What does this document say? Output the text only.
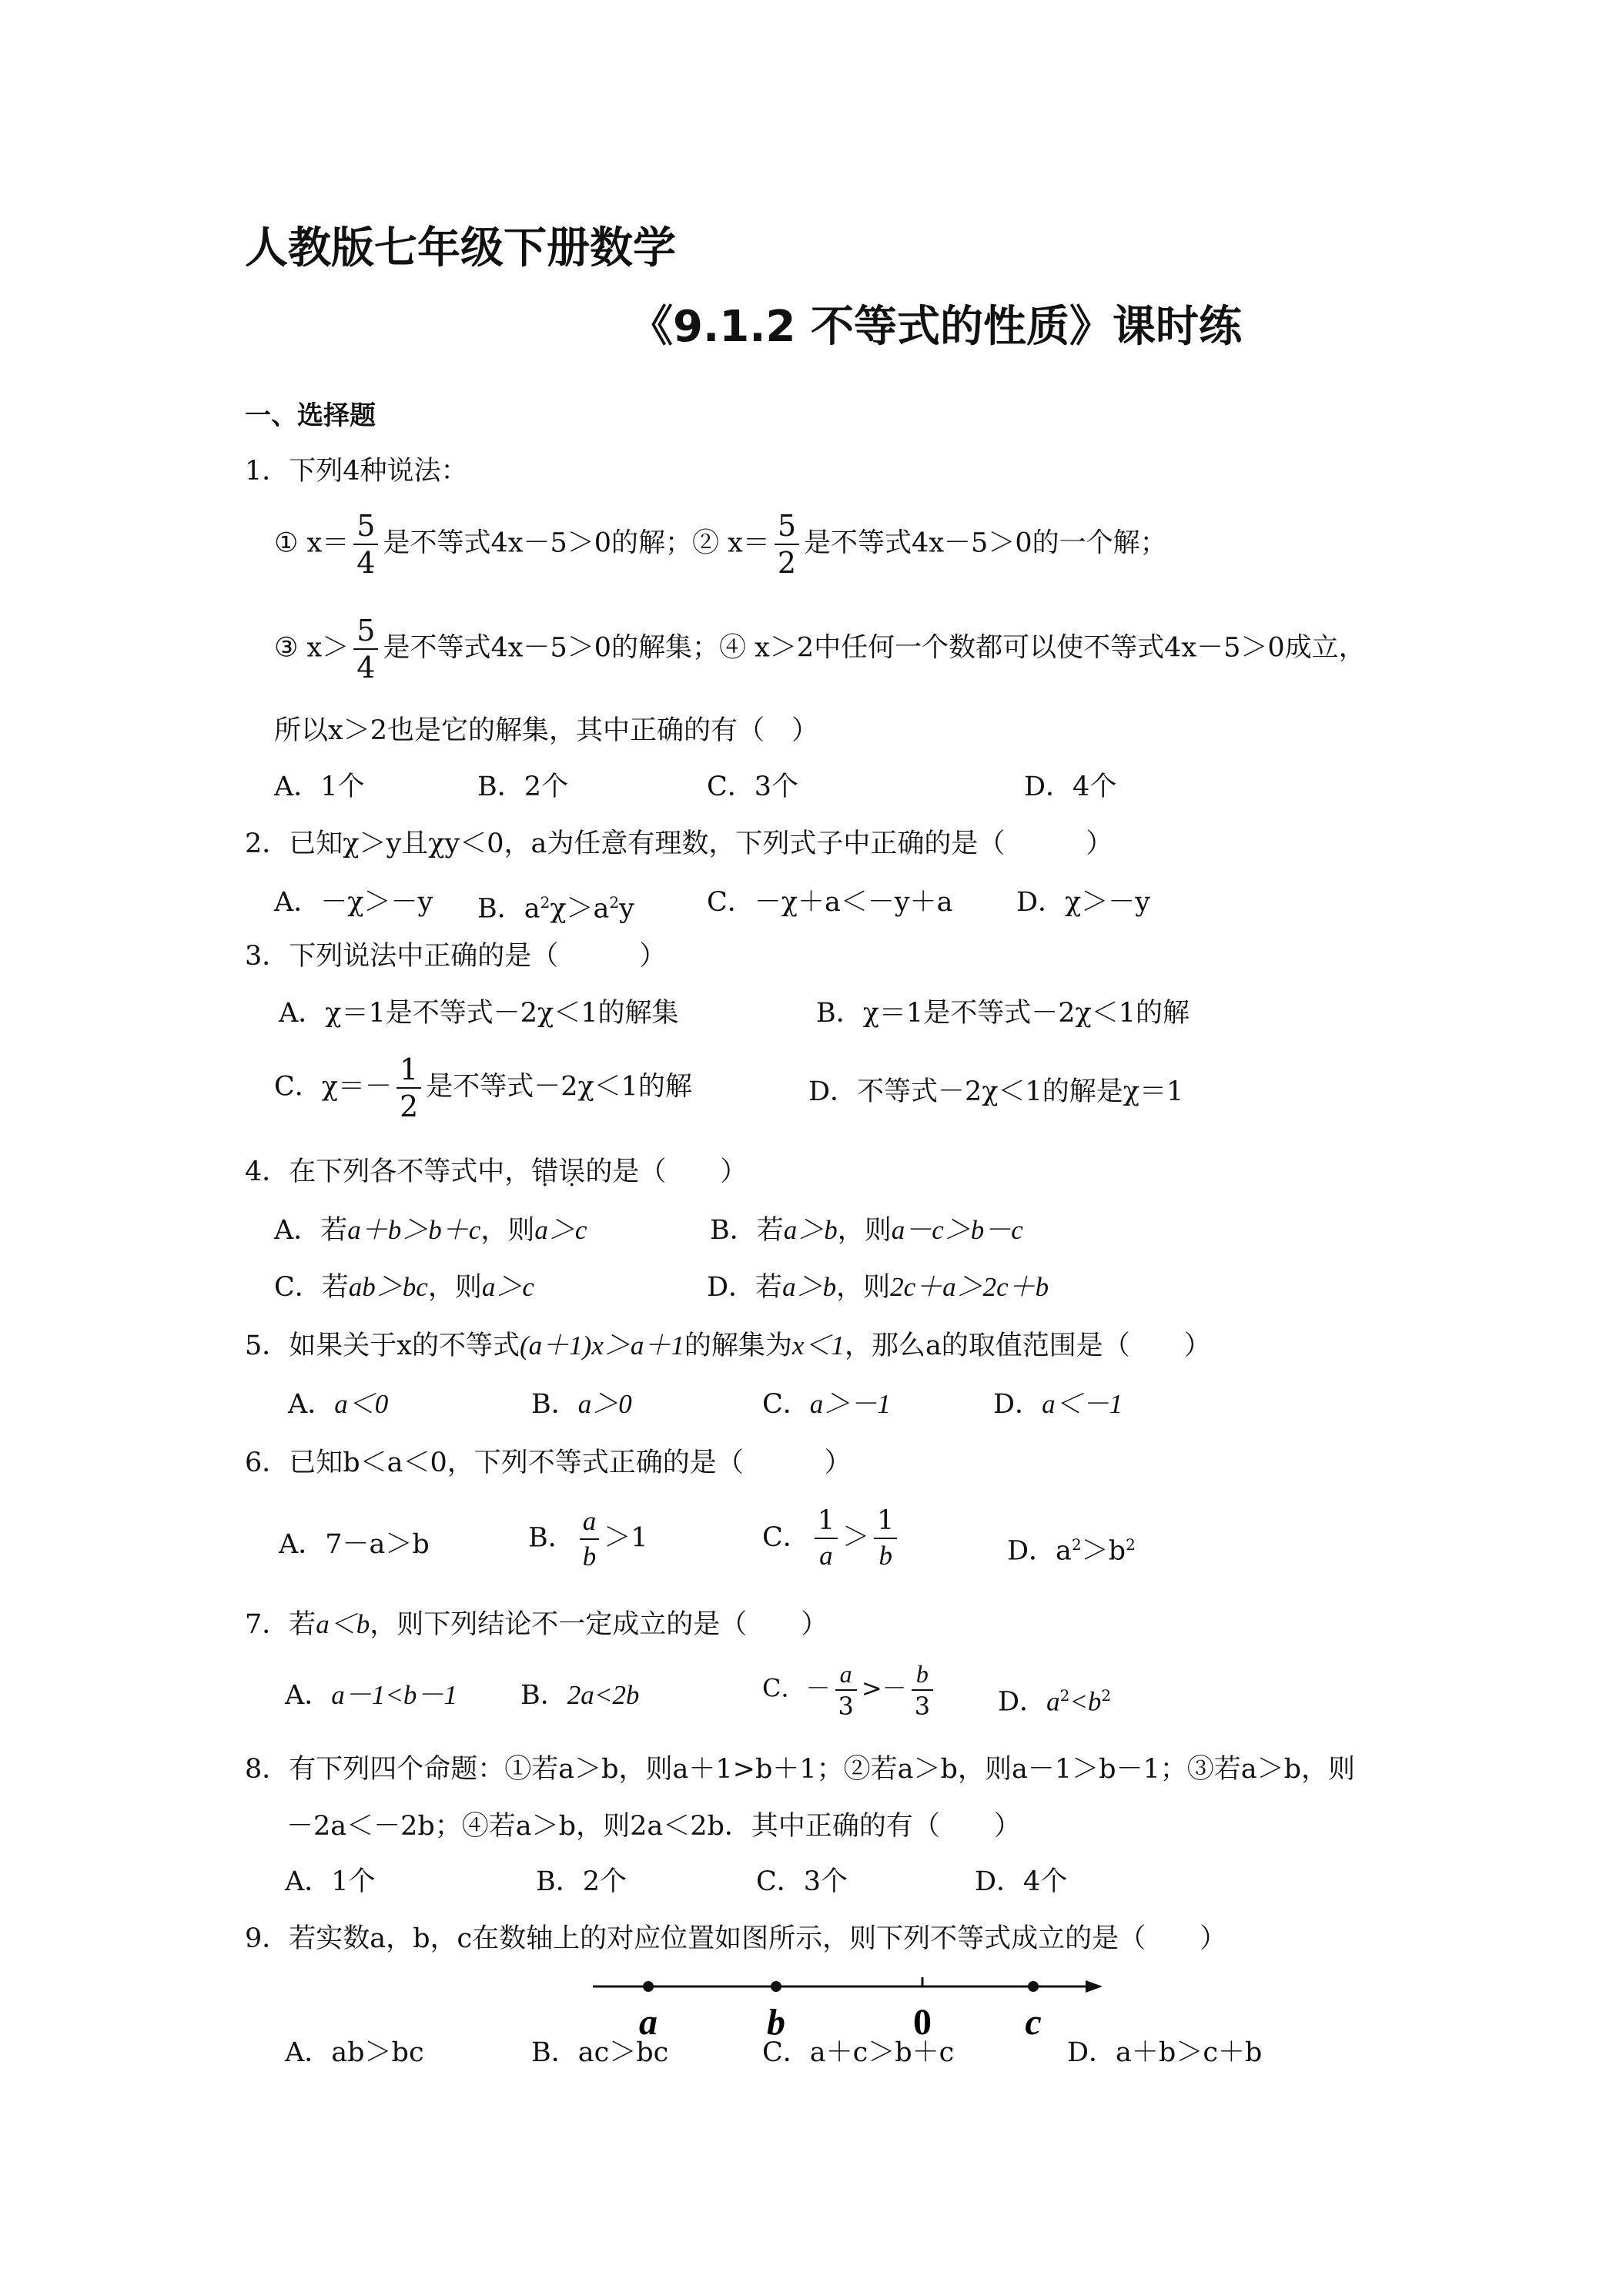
人教版七年级下册数学
《9.1.2 不等式的性质》课时练
一、选择题
1．下列4种说法：
① $x= \frac{5}{4}$ 是不等式4x－5＞0的解；② $x= \frac{5}{2}$ 是不等式4x－5＞0的一个解；
③ $x> \frac{5}{4}$ 是不等式4x－5＞0的解集；④ x＞2中任何一个数都可以使不等式4x－5＞0成立，
所以x＞2也是它的解集，其中正确的有（　）
A．1个	B．2个	C．3个	D．4个
2．已知χ＞y且χy＜0，a为任意有理数，下列式子中正确的是（　　　）
A．－χ＞－y B．$a^2\chi>a^2y$	C．－χ＋a＜－y＋a D．χ＞－y
3．下列说法中正确的是（　　　）
A．χ＝1是不等式－2χ＜1的解集	B．χ＝1是不等式－2χ＜1的解
C．$\chi=- \frac{1}{2}$ 是不等式－2χ＜1的解	D．不等式－2χ＜1的解是χ＝1
4．在下列各不等式中，错误的是（　　）
A．若a＋b＞b＋c，则a＞c	B．若a＞b，则a－c＞b－c
C．若ab＞bc，则a＞c	D．若a＞b，则2c＋a＞2c＋b
5．如果关于x的不等式(a＋1)x＞a＋1的解集为x＜1，那么a的取值范围是（　　）
A．a＜0	B．a＞0	C．a＞－1	D．a＜－1
6．已知b＜a＜0，下列不等式正确的是（　　　）
A．7－a＞b	B． $\frac{a}{b} >1$	C． $\frac{1}{a} > \frac{1}{b}$	D．$a^2>b^2$
7．若a＜b，则下列结论不一定成立的是（　　）
A．a－1<b－1 B．2a<2b	C．－ $\frac{a}{3} >- \frac{b}{3}$ D．$a^2<b^2$
8．有下列四个命题：①若a＞b，则a＋1>b＋1；②若a＞b，则a－1＞b－1；③若a＞b，则
－2a＜－2b；④若a＞b，则2a＜2b．其中正确的有（　　）
A．1个	B．2个	C．3个	D．4个
9．若实数a，b，c在数轴上的对应位置如图所示，则下列不等式成立的是（　　）
a	b	0	c
A．ab＞bc	B．ac＞bc	C．a＋c＞b＋c	D．a＋b＞c＋b
